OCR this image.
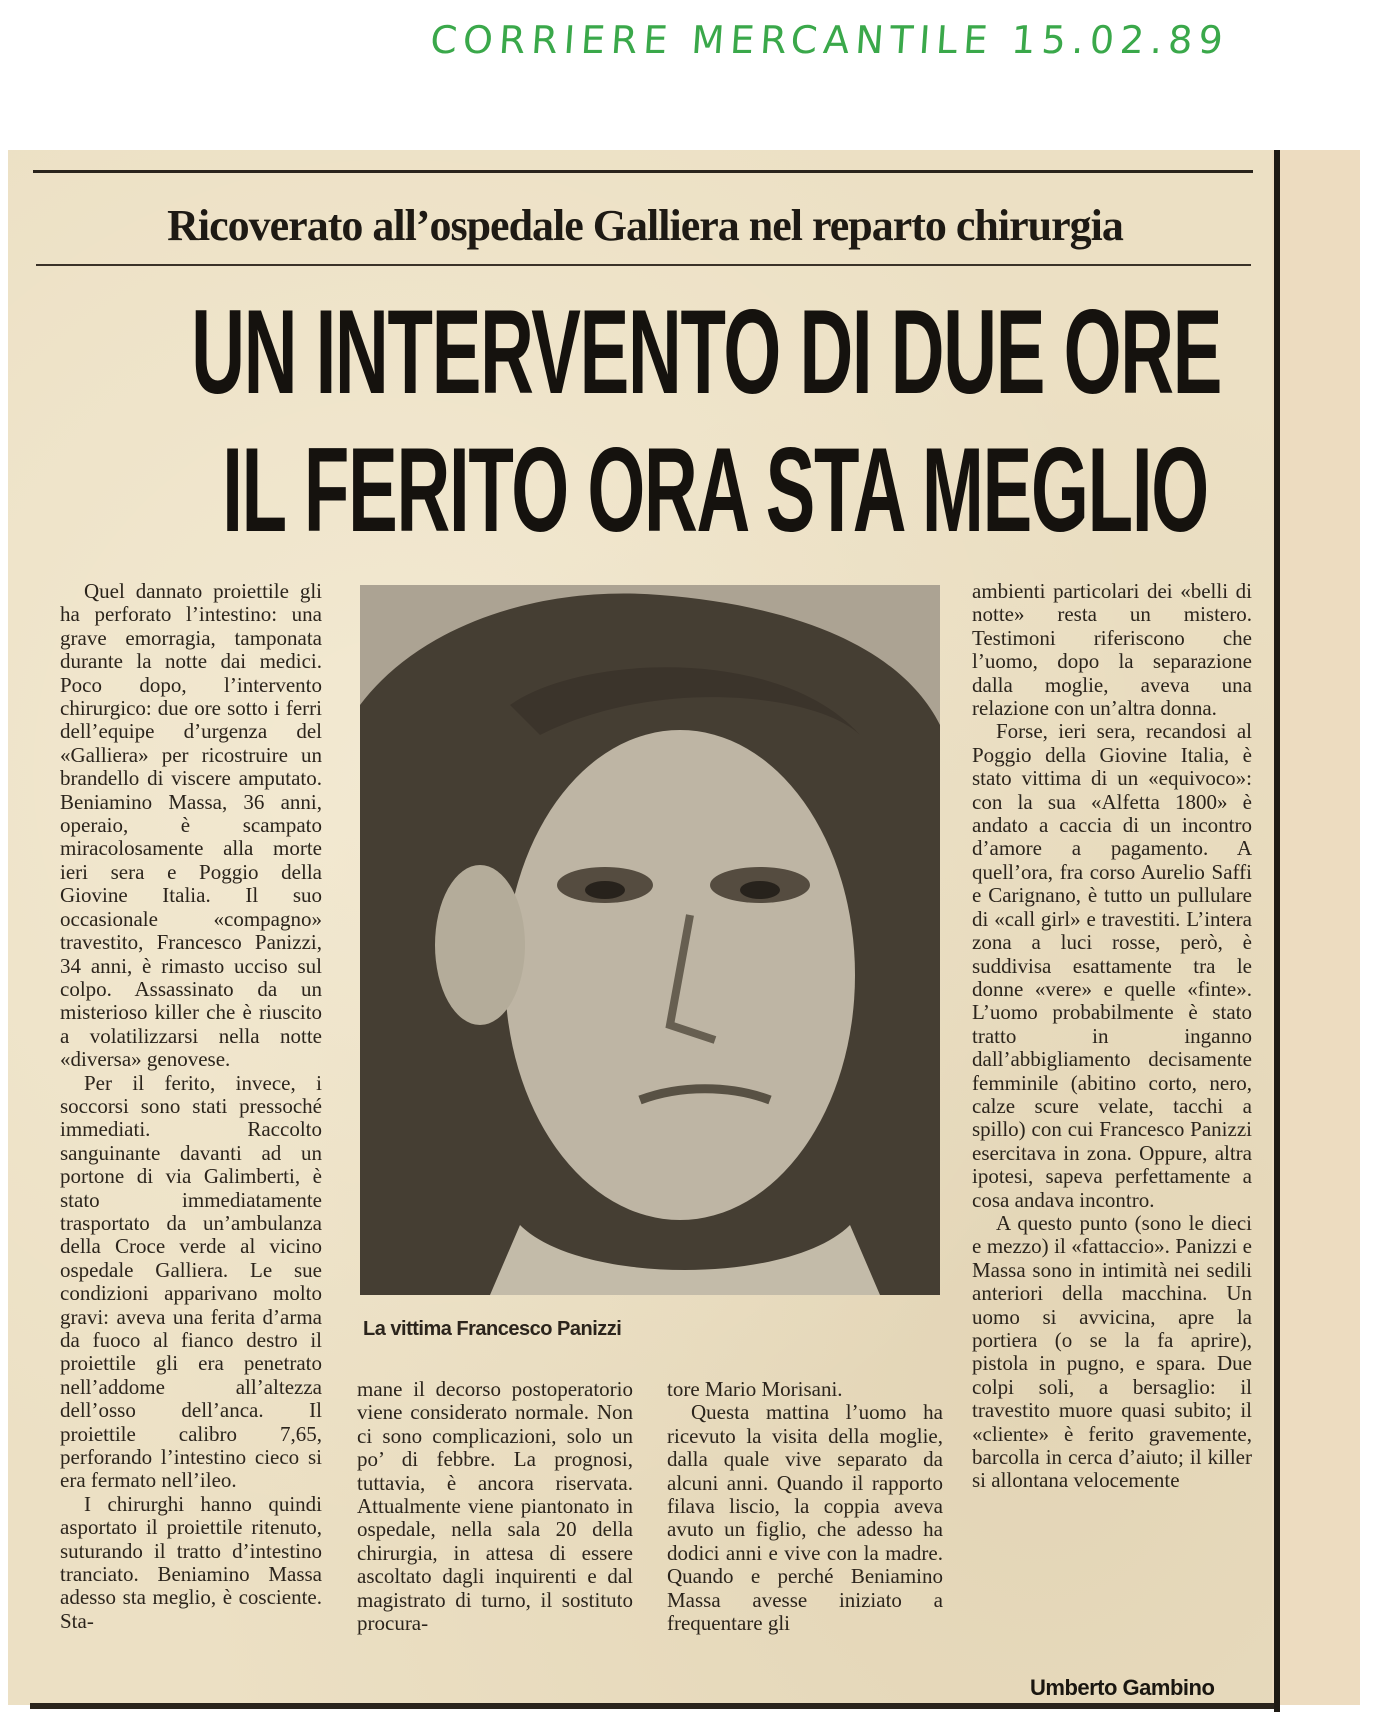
CORRIERE MERCANTILE 15.02.89
Ricoverato all’ospedale Galliera nel reparto chirurgia
UN INTERVENTO DI DUE ORE
IL FERITO ORA STA MEGLIO

Quel dannato proiettile gli ha perforato l’intestino: una grave emorragia, tamponata durante la notte dai medici. Poco dopo, l’intervento chirurgico: due ore sotto i ferri dell’equipe d’urgenza del «Galliera» per ricostruire un brandello di viscere amputato. Beniamino Massa, 36 anni, operaio, è scampato miracolosamente alla morte ieri sera e Poggio della Giovine Italia. Il suo occasionale «compagno» travestito, Francesco Panizzi, 34 anni, è rimasto ucciso sul colpo. Assassinato da un misterioso killer che è riuscito a volatilizzarsi nella notte «diversa» genovese.

Per il ferito, invece, i soccorsi sono stati pressoché immediati. Raccolto sanguinante davanti ad un portone di via Galimberti, è stato immediatamente trasportato da un’ambulanza della Croce verde al vicino ospedale Galliera. Le sue condizioni apparivano molto gravi: aveva una ferita d’arma da fuoco al fianco destro il proiettile gli era penetrato nell’addome all’altezza dell’osso dell’anca. Il proiettile calibro 7,65, perforando l’intestino cieco si era fermato nell’ileo.

I chirurghi hanno quindi asportato il proiettile ritenuto, suturando il tratto d’intestino tranciato. Beniamino Massa adesso sta meglio, è cosciente. Sta-

La vittima Francesco Panizzi

mane il decorso postoperatorio viene considerato normale. Non ci sono complicazioni, solo un po’ di febbre. La prognosi, tuttavia, è ancora riservata. Attualmente viene piantonato in ospedale, nella sala 20 della chirurgia, in attesa di essere ascoltato dagli inquirenti e dal magistrato di turno, il sostituto procura-

tore Mario Morisani.

Questa mattina l’uomo ha ricevuto la visita della moglie, dalla quale vive separato da alcuni anni. Quando il rapporto filava liscio, la coppia aveva avuto un figlio, che adesso ha dodici anni e vive con la madre. Quando e perché Beniamino Massa avesse iniziato a frequentare gli

ambienti particolari dei «belli di notte» resta un mistero. Testimoni riferiscono che l’uomo, dopo la separazione dalla moglie, aveva una relazione con un’altra donna.

Forse, ieri sera, recandosi al Poggio della Giovine Italia, è stato vittima di un «equivoco»: con la sua «Alfetta 1800» è andato a caccia di un incontro d’amore a pagamento. A quell’ora, fra corso Aurelio Saffi e Carignano, è tutto un pullulare di «call girl» e travestiti. L’intera zona a luci rosse, però, è suddivisa esattamente tra le donne «vere» e quelle «finte». L’uomo probabilmente è stato tratto in inganno dall’abbigliamento decisamente femminile (abitino corto, nero, calze scure velate, tacchi a spillo) con cui Francesco Panizzi esercitava in zona. Oppure, altra ipotesi, sapeva perfettamente a cosa andava incontro.

A questo punto (sono le dieci e mezzo) il «fattaccio». Panizzi e Massa sono in intimità nei sedili anteriori della macchina. Un uomo si avvicina, apre la portiera (o se la fa aprire), pistola in pugno, e spara. Due colpi soli, a bersaglio: il travestito muore quasi subito; il «cliente» è ferito gravemente, barcolla in cerca d’aiuto; il killer si allontana velocemente

Umberto Gambino
